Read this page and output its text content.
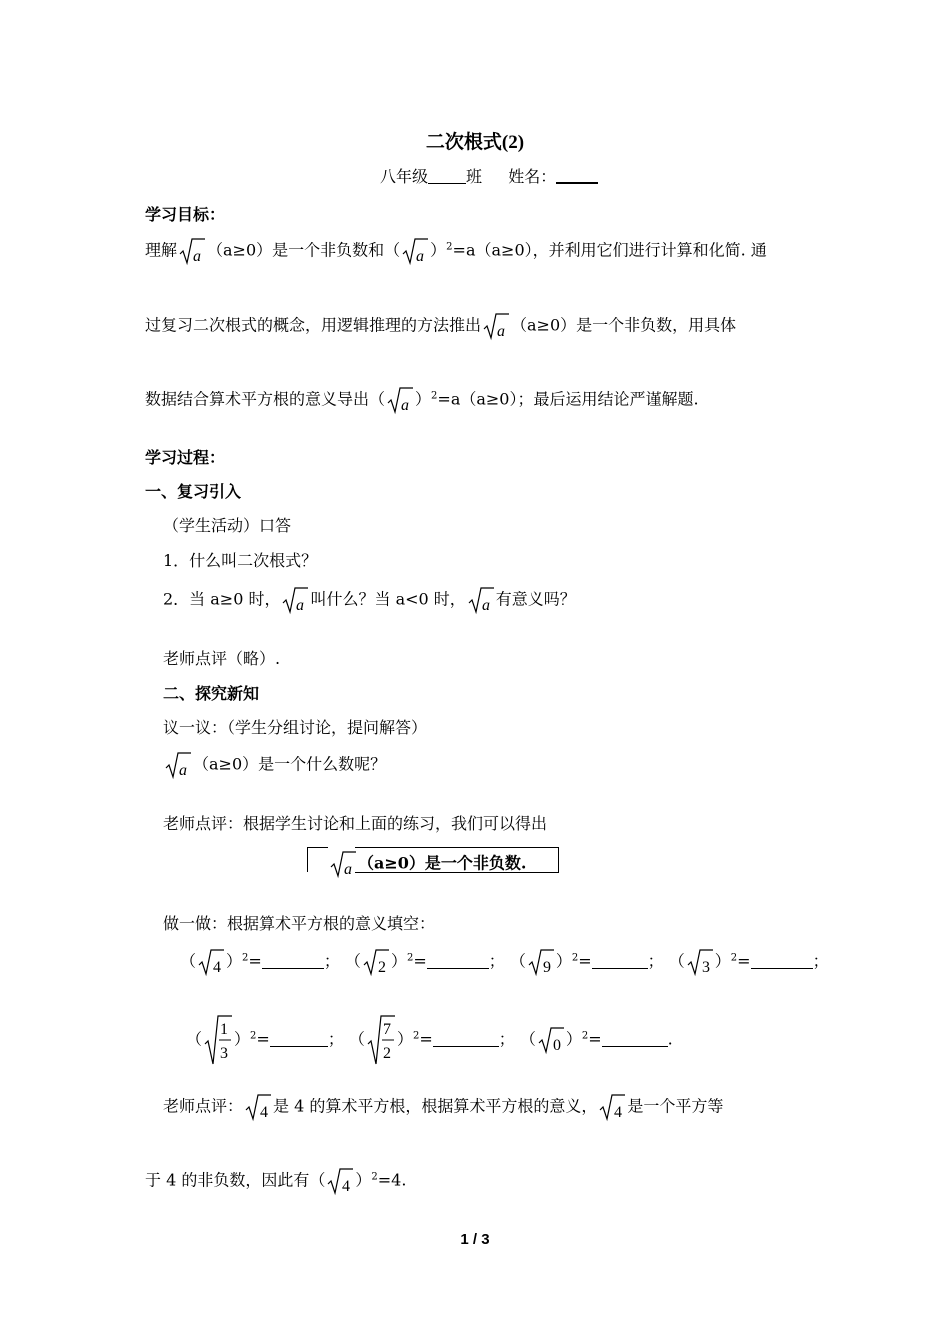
二次根式(2)
八年级 班 姓名：
学习目标：
理解 a （a≥0）是一个非负数和（ a ）$^2$=a（a≥0），并利用它们进行计算和化简. 通
过复习二次根式的概念，用逻辑推理的方法推出 a （a≥0）是一个非负数，用具体
数据结合算术平方根的意义导出（ a ）$^2$=a（a≥0）；最后运用结论严谨解题.
学习过程：
一、复习引入
（学生活动）口答
1．什么叫二次根式？
2．当 a≥0 时， a 叫什么？当 a<0 时， a 有意义吗？
老师点评（略）.
二、探究新知
议一议：（学生分组讨论，提问解答）
a （a≥0）是一个什么数呢？
老师点评：根据学生讨论和上面的练习，我们可以得出
a （a≥0）是一个非负数.
做一做：根据算术平方根的意义填空：
（ 4 ）$^2$=	； （ 2 ）$^2$=	； （ 9 ）$^2$=	； （ 3 ）$^2$=	；
（ 1
3
）$^2$=	； （ 7
2
）$^2$=	； （ 0 ）$^2$=	.
老师点评： 4 是 4 的算术平方根，根据算术平方根的意义， 4 是一个平方等
于 4 的非负数，因此有（ 4 ）$^2$=4.
1 / 3
